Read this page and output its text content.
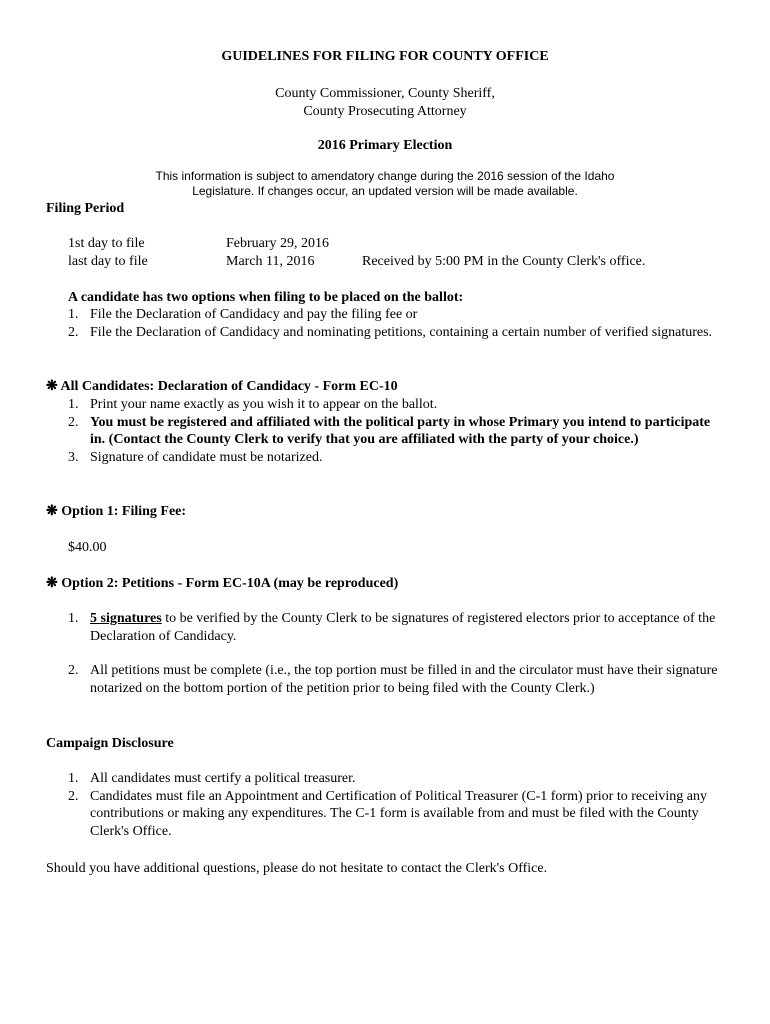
GUIDELINES FOR FILING FOR COUNTY OFFICE
County Commissioner, County Sheriff,
County Prosecuting Attorney
2016 Primary Election
This information is subject to amendatory change during the 2016 session of the Idaho
Legislature. If changes occur, an updated version will be made available.
Filing Period
1st day to file	February 29, 2016
last day to file	March 11, 2016	Received by 5:00 PM in the County Clerk's office.
A candidate has two options when filing to be placed on the ballot:
1. File the Declaration of Candidacy and pay the filing fee or
2. File the Declaration of Candidacy and nominating petitions, containing a certain number of verified signatures.
❋ All Candidates: Declaration of Candidacy - Form EC-10
1. Print your name exactly as you wish it to appear on the ballot.
2. You must be registered and affiliated with the political party in whose Primary you intend to participate in. (Contact the County Clerk to verify that you are affiliated with the party of your choice.)
3. Signature of candidate must be notarized.
❋ Option 1: Filing Fee:
$40.00
❋ Option 2: Petitions - Form EC-10A (may be reproduced)
1. 5 signatures to be verified by the County Clerk to be signatures of registered electors prior to acceptance of the Declaration of Candidacy.
2. All petitions must be complete (i.e., the top portion must be filled in and the circulator must have their signature notarized on the bottom portion of the petition prior to being filed with the County Clerk.)
Campaign Disclosure
1. All candidates must certify a political treasurer.
2. Candidates must file an Appointment and Certification of Political Treasurer (C-1 form) prior to receiving any contributions or making any expenditures. The C-1 form is available from and must be filed with the County Clerk's Office.
Should you have additional questions, please do not hesitate to contact the Clerk's Office.
